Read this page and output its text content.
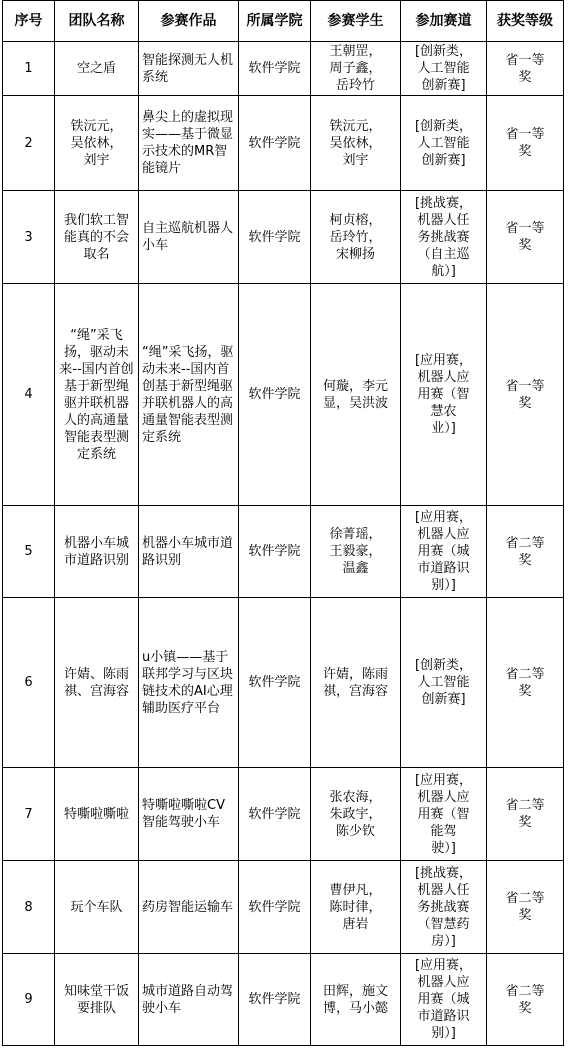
序号	团队名称	参赛作品	所属学院	参赛学生	参加赛道	获奖等级
1	空之盾	智能探测无人机系统	软件学院	王朝罡，
周子鑫，
岳玲竹	[创新类，
人工智能
创新赛]	省一等
奖
2	铁沅元，
吴依林，
刘宇	鼻尖上的虚拟现实——基于微显示技术的MR智能镜片	软件学院	铁沅元，
吴依林，
刘宇	[创新类，
人工智能
创新赛]	省一等
奖
3	我们软工智能真的不会取名	自主巡航机器人小车	软件学院	柯贞榕，
岳玲竹，
宋柳扬	[挑战赛，
机器人任
务挑战赛
（自主巡
航）]	省一等
奖
4	“绳”采飞扬，驱动未来--国内首创基于新型绳驱并联机器人的高通量智能表型测定系统	“绳”采飞扬，驱动未来--国内首创基于新型绳驱并联机器人的高通量智能表型测定系统	软件学院	何璇，李元显，吴洪波	[应用赛，
机器人应
用赛（智
慧农
业）]	省一等
奖
5	机器小车城市道路识别	机器小车城市道路识别	软件学院	徐菁瑶，
王毅豪，
温鑫	[应用赛，
机器人应
用赛（城
市道路识
别）]	省二等
奖
6	许婧、陈雨祺、宫海容	u小镇——基于联邦学习与区块链技术的AI心理辅助医疗平台	软件学院	许婧，陈雨祺，宫海容	[创新类，
人工智能
创新赛]	省二等
奖
7	特嘶啦嘶啦	特嘶啦嘶啦CV智能驾驶小车	软件学院	张农海，
朱政宇，
陈少钦	[应用赛，
机器人应
用赛（智
能驾
驶）]	省二等
奖
8	玩个车队	药房智能运输车	软件学院	曹伊凡，
陈时律，
唐岩	[挑战赛，
机器人任
务挑战赛
（智慧药
房）]	省二等
奖
9	知味堂干饭要排队	城市道路自动驾驶小车	软件学院	田辉，施文博，马小懿	[应用赛，
机器人应
用赛（城
市道路识
别）]	省二等
奖
